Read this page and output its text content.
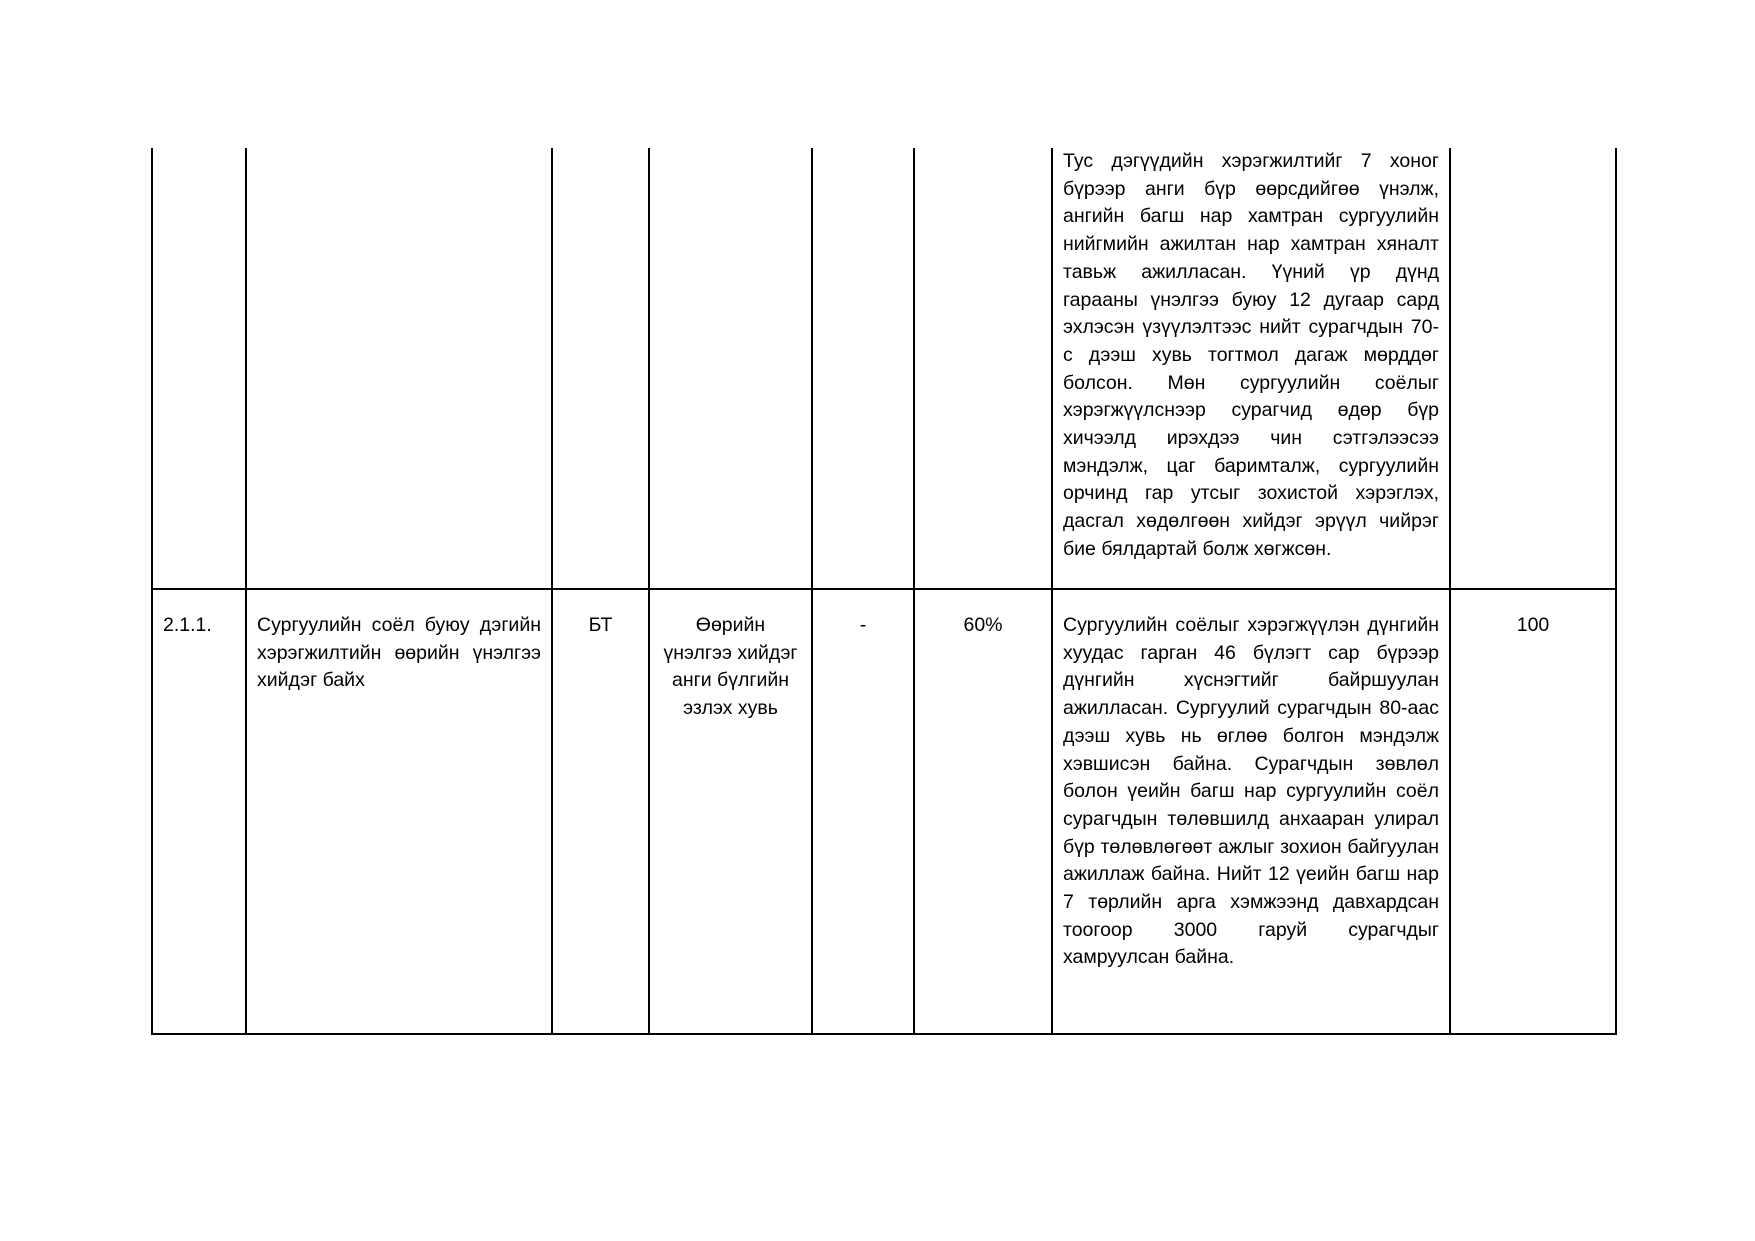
						Тус дэгүүдийн хэрэгжилтийг 7 хоног бүрээр анги бүр өөрсдийгөө үнэлж, ангийн багш нар хамтран сургуулийн нийгмийн ажилтан нар хамтран хяналт тавьж ажилласан. Үүний үр дүнд гарааны үнэлгээ буюу 12 дугаар сард эхлэсэн үзүүлэлтээс нийт сурагчдын 70-с дээш хувь тогтмол дагаж мөрддөг болсон. Мөн сургуулийн соёлыг хэрэгжүүлснээр сурагчид өдөр бүр хичээлд ирэхдээ чин сэтгэлээсээ мэндэлж, цаг баримталж, сургуулийн орчинд гар утсыг зохистой хэрэглэх, дасгал хөдөлгөөн хийдэг эрүүл чийрэг бие бялдартай болж хөгжсөн.	

2.1.1.	Сургуулийн соёл буюу дэгийн хэрэгжилтийн өөрийн үнэлгээ хийдэг байх	БТ	Өөрийн үнэлгээ хийдэг анги бүлгийн эзлэх хувь	-	60%	Сургуулийн соёлыг хэрэгжүүлэн дүнгийн хуудас гарган 46 бүлэгт сар бүрээр дүнгийн хүснэгтийг байршуулан ажилласан. Сургуулий сурагчдын 80-аас дээш хувь нь өглөө болгон мэндэлж хэвшисэн байна. Сурагчдын зөвлөл болон үеийн багш нар сургуулийн соёл сурагчдын төлөвшилд анхааран улирал бүр төлөвлөгөөт ажлыг зохион байгуулан ажиллаж байна. Нийт 12 үеийн багш нар 7 төрлийн арга хэмжээнд давхардсан тоогоор 3000 гаруй сурагчдыг хамруулсан байна.	100
